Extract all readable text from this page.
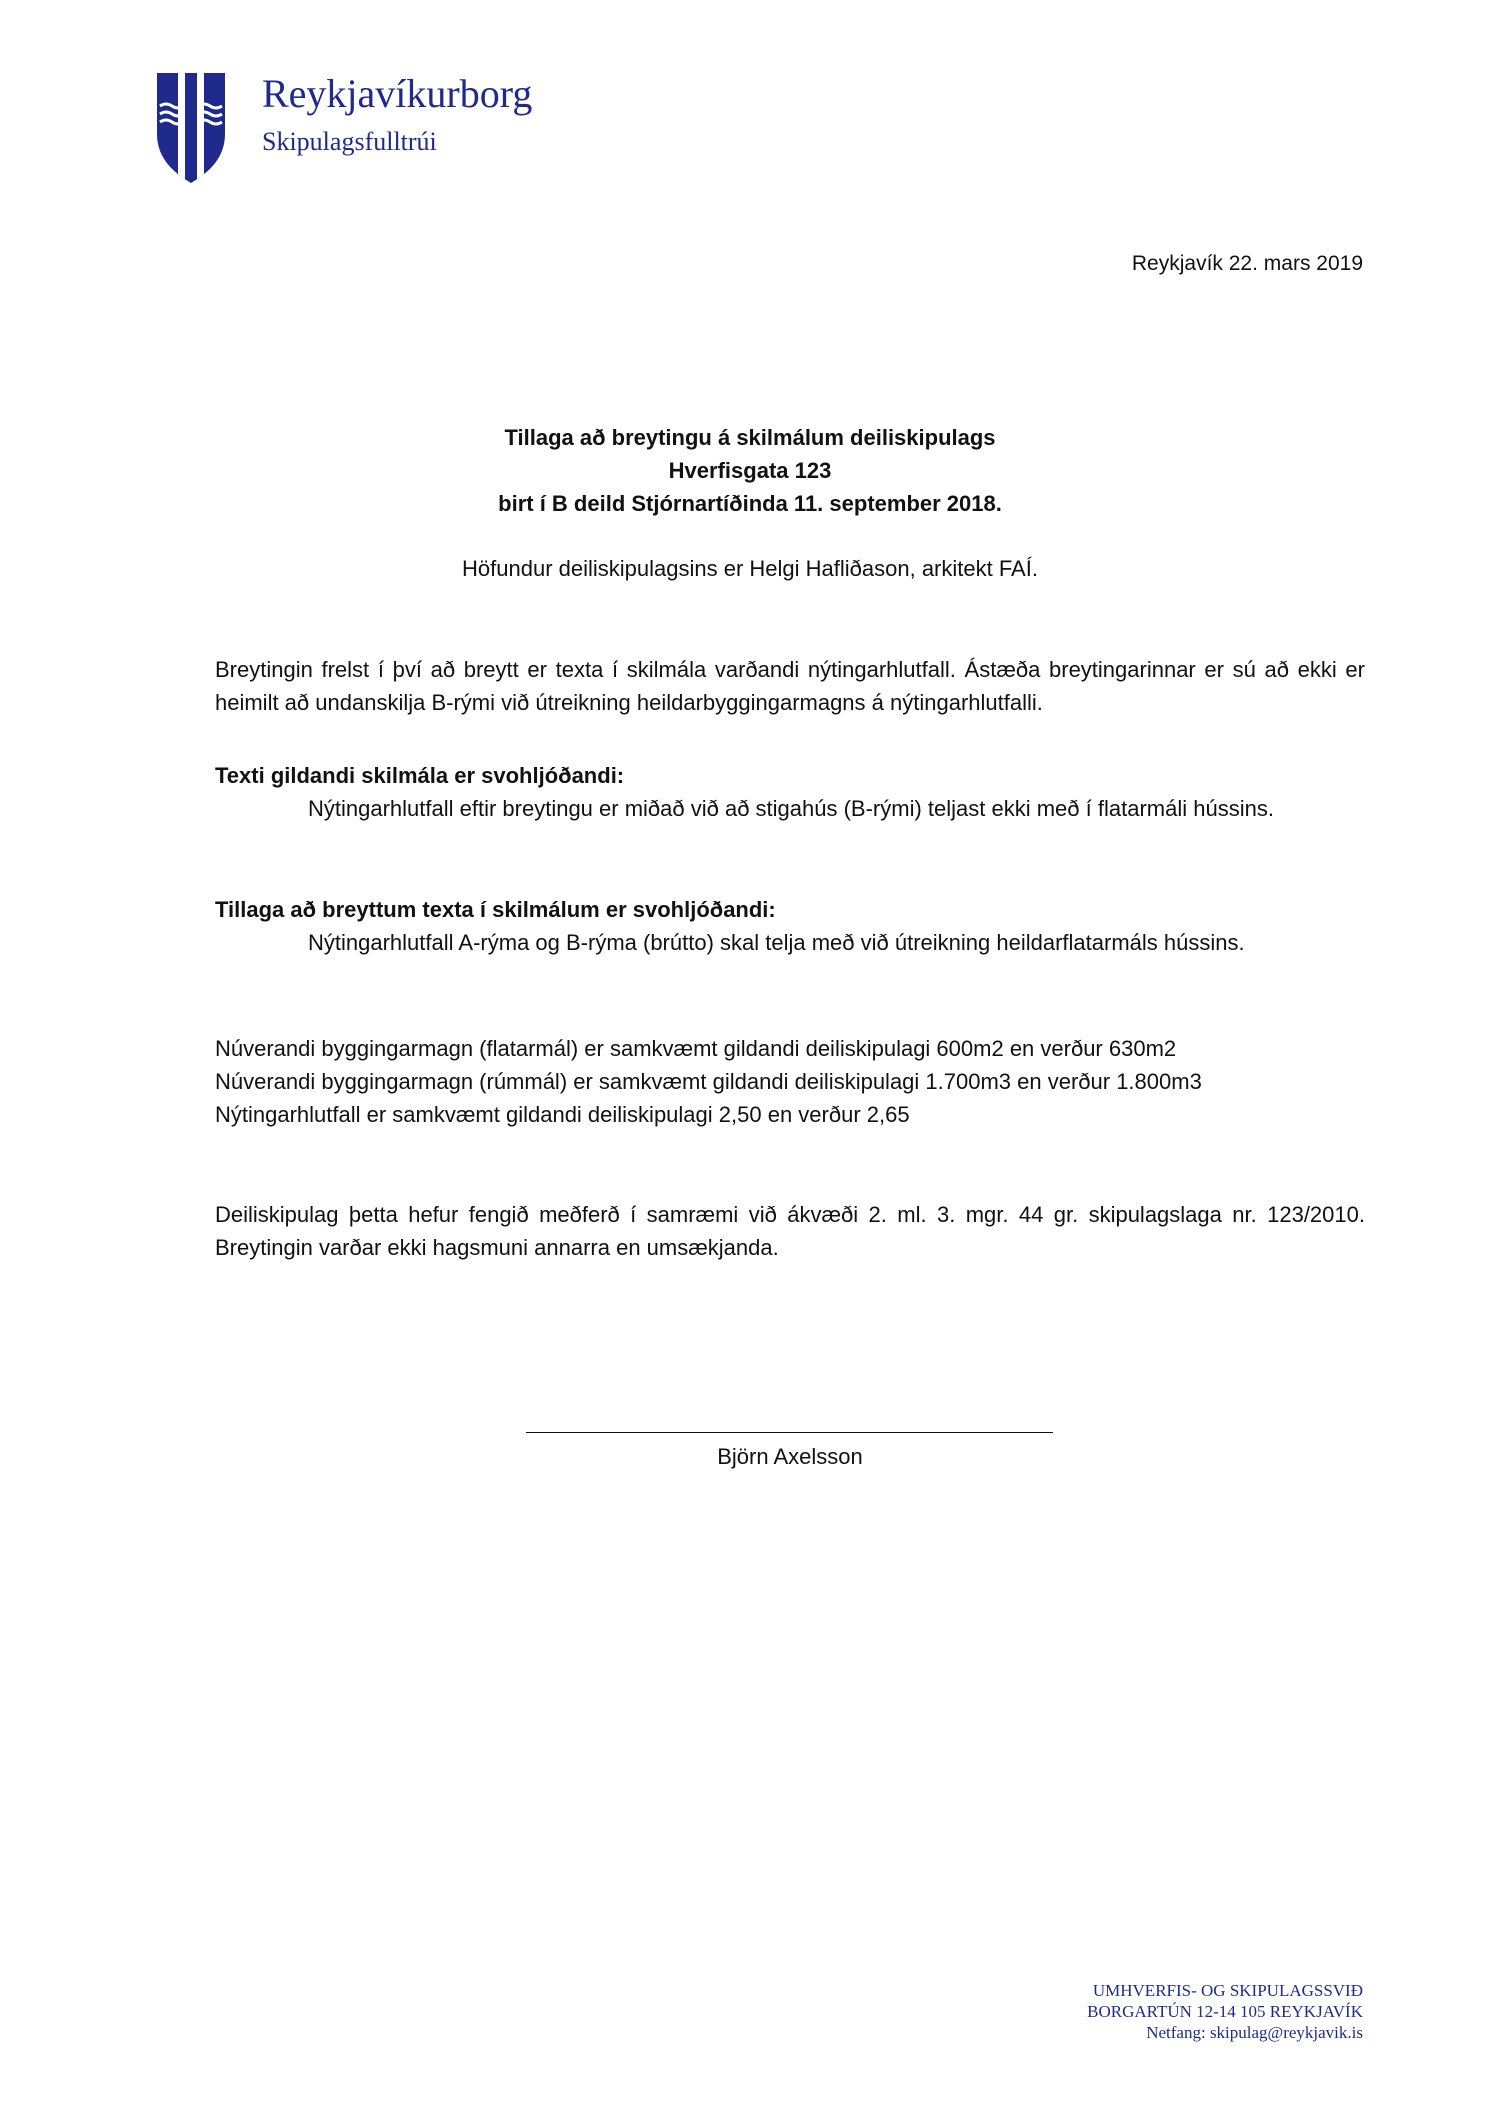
Reykjavíkurborg
Skipulagsfulltrúi
Reykjavík 22. mars 2019
Tillaga að breytingu á skilmálum deiliskipulags
Hverfisgata 123
birt í B deild Stjórnartíðinda 11. september 2018.
Höfundur deiliskipulagsins er Helgi Hafliðason, arkitekt FAÍ.
Breytingin frelst í því að breytt er texta í skilmála varðandi nýtingarhlutfall. Ástæða breytingarinnar er sú að ekki er heimilt að undanskilja B-rými við útreikning heildarbyggingarmagns á nýtingarhlutfalli.
Texti gildandi skilmála er svohljóðandi:
Nýtingarhlutfall eftir breytingu er miðað við að stigahús (B-rými) teljast ekki með í flatarmáli hússins.
Tillaga að breyttum texta í skilmálum er svohljóðandi:
Nýtingarhlutfall A-rýma og B-rýma (brútto) skal telja með við útreikning heildarflatarmáls hússins.
Núverandi byggingarmagn (flatarmál) er samkvæmt gildandi deiliskipulagi 600m2 en verður 630m2
Núverandi byggingarmagn (rúmmál) er samkvæmt gildandi deiliskipulagi 1.700m3 en verður 1.800m3
Nýtingarhlutfall er samkvæmt gildandi deiliskipulagi 2,50 en verður 2,65
Deiliskipulag þetta hefur fengið meðferð í samræmi við ákvæði 2. ml. 3. mgr. 44 gr. skipulagslaga nr. 123/2010. Breytingin varðar ekki hagsmuni annarra en umsækjanda.
Björn Axelsson
UMHVERFIS- OG SKIPULAGSSVIÐ
BORGARTÚN 12-14 105 REYKJAVÍK
Netfang: skipulag@reykjavik.is
